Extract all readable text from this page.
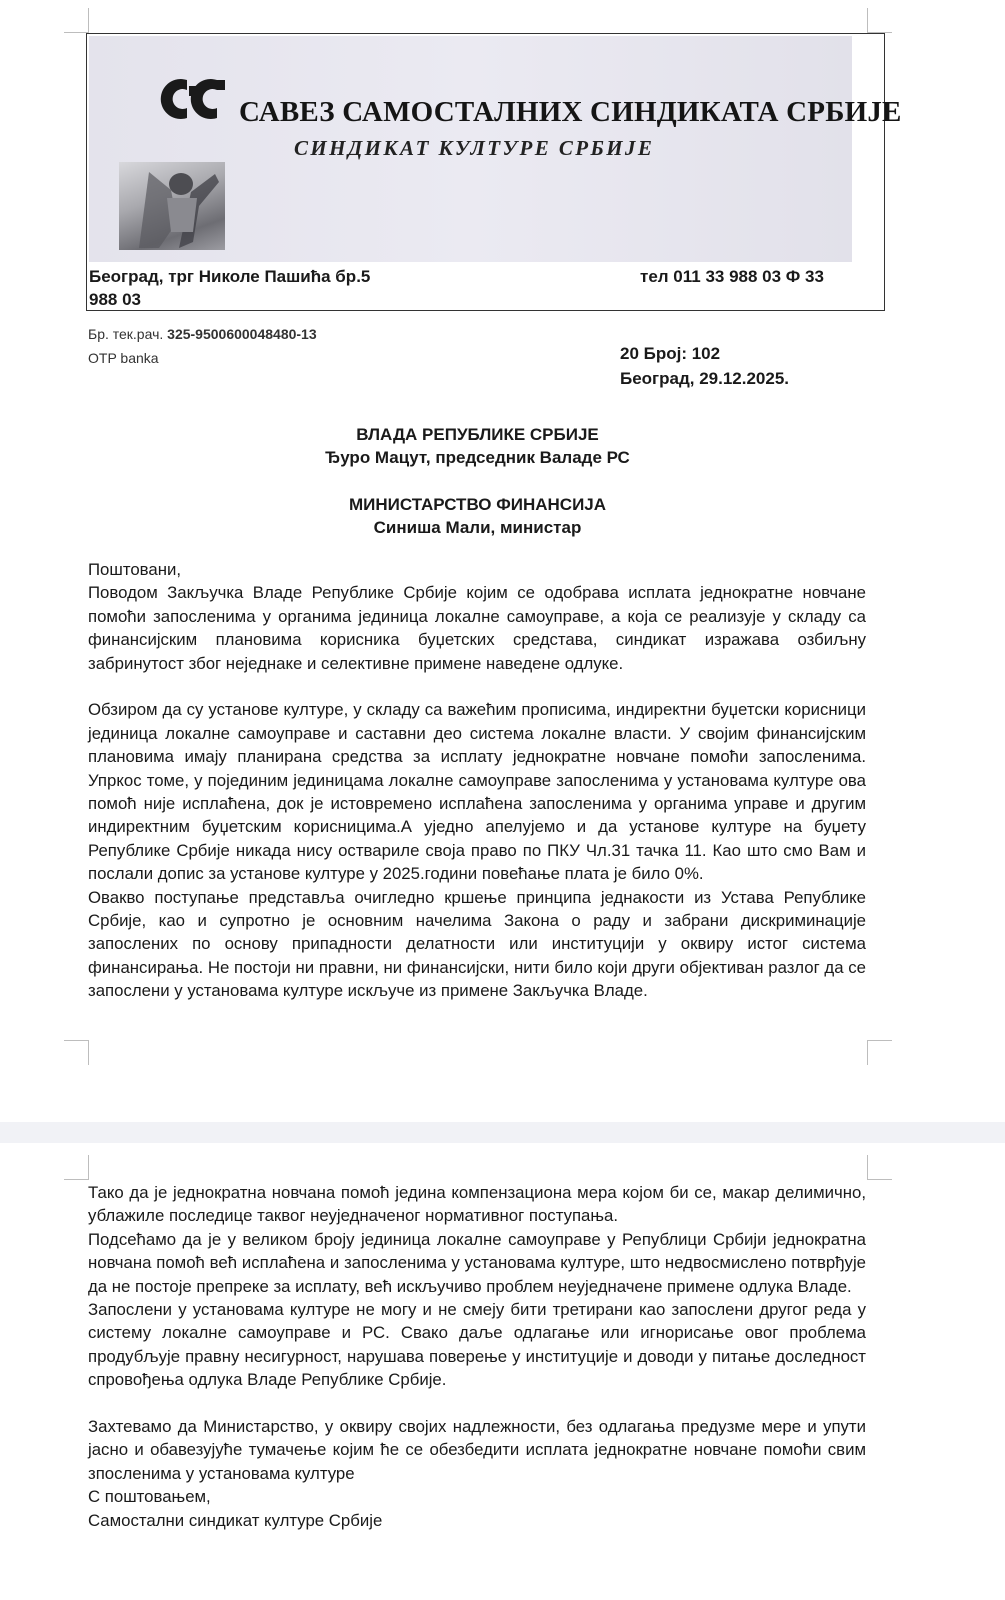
САВЕЗ САМОСТАЛНИХ СИНДИКАТА СРБИЈЕ
СИНДИКАТ КУЛТУРЕ СРБИЈЕ
Београд, трг Николе Пашића бр.5	тел 011 33 988 03 Ф 33
988 03
Бр. тек.рач. 325-9500600048480-13
OTP banka	20 Број: 102
Београд, 29.12.2025.
ВЛАДА РЕПУБЛИКЕ СРБИЈЕ
Ђуро Мацут, председник Валаде РС
МИНИСТАРСТВО ФИНАНСИЈА
Синиша Мали, министар

Поштовани,

Поводом Закључка Владе Републике Србије којим се одобрава исплата једнократне новчане помоћи запосленима у органима јединица локалне самоуправе, а која се реализује у складу са финансијским плановима корисника буџетских средстава, синдикат изражава озбиљну забринутост због неједнаке и селективне примене наведене одлуке.

Обзиром да су установе културе, у складу са важећим прописима, индиректни буџетски корисници јединица локалне самоуправе и саставни део система локалне власти. У својим финансијским плановима имају планирана средства за исплату једнократне новчане помоћи запосленима. Упркос томе, у појединим јединицама локалне самоуправе запосленима у установама културе ова помоћ није исплаћена, док је истовремено исплаћена запосленима у органима управе и другим индиректним буџетским корисницима.А уједно апелујемо и да установе културе на буџету Републике Србије никада нису оствариле своја право по ПКУ Чл.31 тачка 11. Као што смо Вам и послали допис за установе културе у 2025.години повећање плата је било 0%.

Овакво поступање представља очигледно кршење принципа једнакости из Устава Републике Србије, као и супротно је основним начелима Закона о раду и забрани дискриминације запослених по основу припадности делатности или институцији у оквиру истог система финансирања. Не постоји ни правни, ни финансијски, нити било који други објективан разлог да се запослени у установама културе искључе из примене Закључка Владе.

Тако да је једнократна новчана помоћ једина компензациона мера којом би се, макар делимично, ублажиле последице таквог неуједначеног нормативног поступања.

Подсећамо да је у великом броју јединица локалне самоуправе у Републици Србији једнократна новчана помоћ већ исплаћена и запосленима у установама културе, што недвосмислено потврђује да не постоје препреке за исплату, већ искључиво проблем неуједначене примене одлука Владе.

Запослени у установама културе не могу и не смеју бити третирани као запослени другог реда у систему локалне самоуправе и РС. Свако даље одлагање или игнорисање овог проблема продубљује правну несигурност, нарушава поверење у институције и доводи у питање доследност спровођења одлука Владе Републике Србије.

Захтевамо да Министарство, у оквиру својих надлежности, без одлагања предузме мере и упути јасно и обавезујуће тумачење којим ће се обезбедити исплата једнократне новчане помоћи свим зпосленима у установама културе

С поштовањем,

Самостални синдикат културе Србије
